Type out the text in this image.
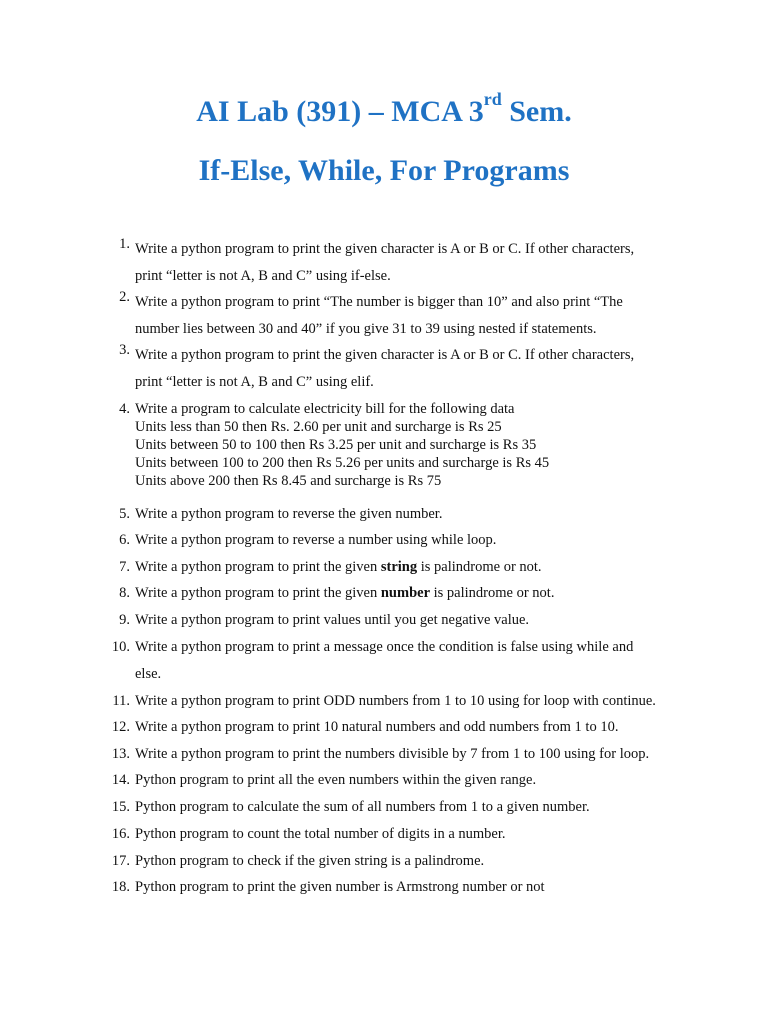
AI Lab (391) – MCA 3rd Sem.
If-Else, While, For Programs
1. Write a python program to print the given character is A or B or C. If other characters,
print “letter is not A, B and C” using if-else.
2. Write a python program to print “The number is bigger than 10” and also print “The
number lies between 30 and 40” if you give 31 to 39 using nested if statements.
3. Write a python program to print the given character is A or B or C. If other characters,
print “letter is not A, B and C” using elif.
4. Write a program to calculate electricity bill for the following data
Units less than 50 then Rs. 2.60 per unit and surcharge is Rs 25
Units between 50 to 100 then Rs 3.25 per unit and surcharge is Rs 35
Units between 100 to 200 then Rs 5.26 per units and surcharge is Rs 45
Units above 200 then Rs 8.45 and surcharge is Rs 75
5. Write a python program to reverse the given number.
6. Write a python program to reverse a number using while loop.
7. Write a python program to print the given string is palindrome or not.
8. Write a python program to print the given number is palindrome or not.
9. Write a python program to print values until you get negative value.
10. Write a python program to print a message once the condition is false using while and
else.
11. Write a python program to print ODD numbers from 1 to 10 using for loop with continue.
12. Write a python program to print 10 natural numbers and odd numbers from 1 to 10.
13. Write a python program to print the numbers divisible by 7 from 1 to 100 using for loop.
14. Python program to print all the even numbers within the given range.
15. Python program to calculate the sum of all numbers from 1 to a given number.
16. Python program to count the total number of digits in a number.
17. Python program to check if the given string is a palindrome.
18. Python program to print the given number is Armstrong number or not
